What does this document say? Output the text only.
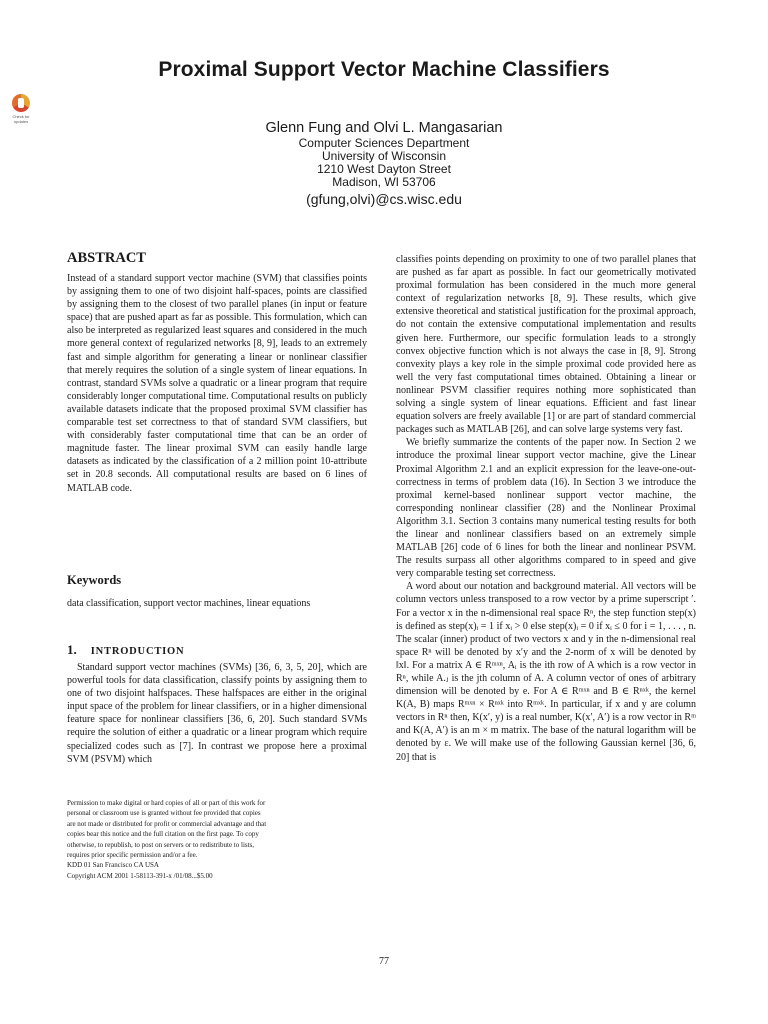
Proximal Support Vector Machine Classifiers
Check for
updates	Glenn Fung and Olvi L. Mangasarian
Computer Sciences Department
University of Wisconsin
1210 West Dayton Street
Madison, WI 53706
(gfung,olvi)@cs.wisc.edu
ABSTRACT

Instead of a standard support vector machine (SVM) that classifies points by assigning them to one of two disjoint half-spaces, points are classified by assigning them to the closest of two parallel planes (in input or feature space) that are pushed apart as far as possible. This formulation, which can also be interpreted as regularized least squares and considered in the much more general context of regularized networks [8, 9], leads to an extremely fast and simple algorithm for generating a linear or nonlinear classifier that merely requires the solution of a single system of linear equations. In contrast, standard SVMs solve a quadratic or a linear program that require considerably longer computational time. Computational results on publicly available datasets indicate that the proposed proximal SVM classifier has comparable test set correctness to that of standard SVM classifiers, but with considerably faster computational time that can be an order of magnitude faster. The linear proximal SVM can easily handle large datasets as indicated by the classification of a 2 million point 10-attribute set in 20.8 seconds. All computational results are based on 6 lines of MATLAB code.

Keywords

data classification, support vector machines, linear equations

1. INTRODUCTION

Standard support vector machines (SVMs) [36, 6, 3, 5, 20], which are powerful tools for data classification, classify points by assigning them to one of two disjoint halfspaces. These halfspaces are either in the original input space of the problem for linear classifiers, or in a higher dimensional feature space for nonlinear classifiers [36, 6, 20]. Such standard SVMs require the solution of either a quadratic or a linear program which require specialized codes such as [7]. In contrast we propose here a proximal SVM (PSVM) which

Permission to make digital or hard copies of all or part of this work for
personal or classroom use is granted without fee provided that copies
are not made or distributed for profit or commercial advantage and that
copies bear this notice and the full citation on the first page. To copy
otherwise, to republish, to post on servers or to redistribute to lists,
requires prior specific permission and/or a fee.
KDD 01 San Francisco CA USA
Copyright ACM 2001 1-58113-391-x /01/08...$5.00

classifies points depending on proximity to one of two parallel planes that are pushed as far apart as possible. In fact our geometrically motivated proximal formulation has been considered in the much more general context of regularization networks [8, 9]. These results, which give extensive theoretical and statistical justification for the proximal approach, do not contain the extensive computational implementation and results given here. Furthermore, our specific formulation leads to a strongly convex objective function which is not always the case in [8, 9]. Strong convexity plays a key role in the simple proximal code provided here as well the very fast computational times obtained. Obtaining a linear or nonlinear PSVM classifier requires nothing more sophisticated than solving a single system of linear equations. Efficient and fast linear equation solvers are freely available [1] or are part of standard commercial packages such as MATLAB [26], and can solve large systems very fast.

We briefly summarize the contents of the paper now. In Section 2 we introduce the proximal linear support vector machine, give the Linear Proximal Algorithm 2.1 and an explicit expression for the leave-one-out-correctness in terms of problem data (16). In Section 3 we introduce the proximal kernel-based nonlinear support vector machine, the corresponding nonlinear classifier (28) and the Nonlinear Proximal Algorithm 3.1. Section 3 contains many numerical testing results for both the linear and nonlinear classifiers based on an extremely simple MATLAB [26] code of 6 lines for both the linear and nonlinear PSVM. The results surpass all other algorithms compared to in speed and give very comparable testing set correctness.

A word about our notation and background material. All vectors will be column vectors unless transposed to a row vector by a prime superscript ′. For a vector x in the n-dimensional real space Rⁿ, the step function step(x) is defined as step(x)ᵢ = 1 if xᵢ > 0 else step(x)ᵢ = 0 if xᵢ ≤ 0 for i = 1, . . . , n. The scalar (inner) product of two vectors x and y in the n-dimensional real space Rⁿ will be denoted by x′y and the 2-norm of x will be denoted by ‖x‖. For a matrix A ∈ Rᵐˣⁿ, Aᵢ is the ith row of A which is a row vector in Rⁿ, while A.ⱼ is the jth column of A. A column vector of ones of arbitrary dimension will be denoted by e. For A ∈ Rᵐˣⁿ and B ∈ Rⁿˣᵏ, the kernel K(A, B) maps Rᵐˣⁿ × Rⁿˣᵏ into Rᵐˣᵏ. In particular, if x and y are column vectors in Rⁿ then, K(x′, y) is a real number, K(x′, A′) is a row vector in Rᵐ and K(A, A′) is an m × m matrix. The base of the natural logarithm will be denoted by ε. We will make use of the following Gaussian kernel [36, 6, 20] that is

77
